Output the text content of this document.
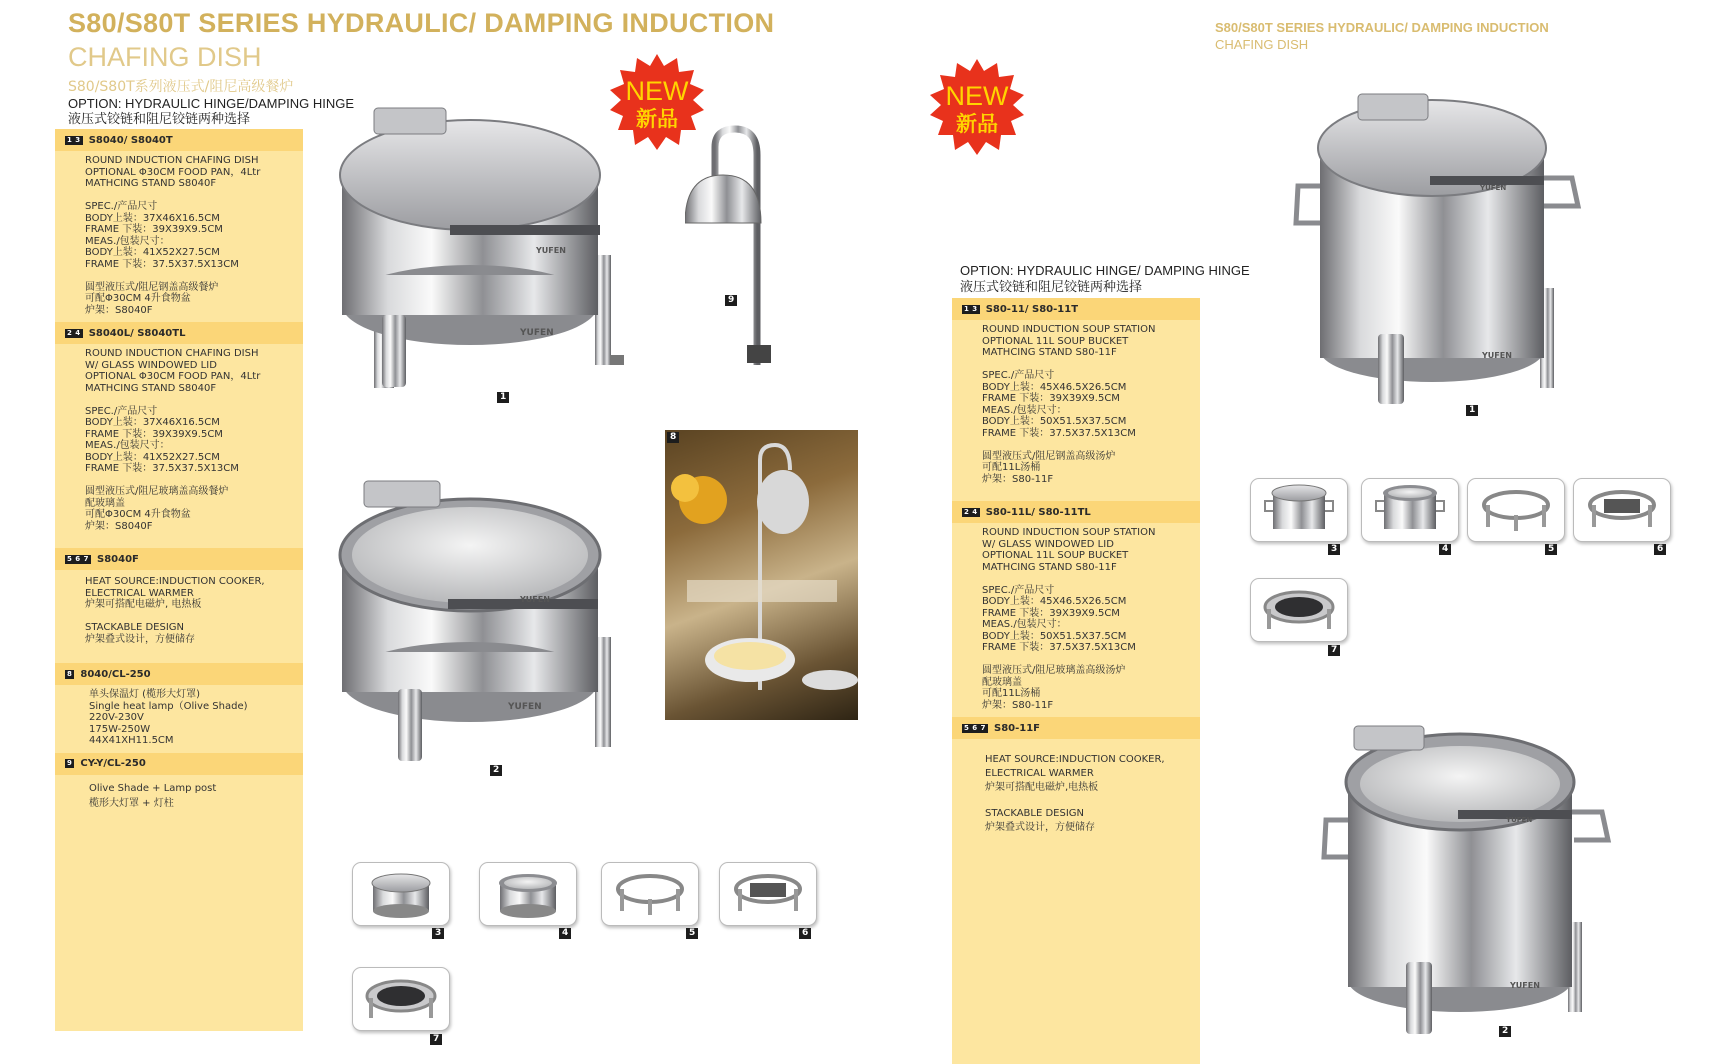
S80/S80T SERIES HYDRAULIC/ DAMPING INDUCTION
CHAFING DISH
S80/S80T系列液压式/阻尼高级餐炉
OPTION: HYDRAULIC HINGE/DAMPING HINGE
液压式铰链和阻尼铰链两种选择
1 3 S8040/ S8040T
ROUND INDUCTION CHAFING DISH
OPTIONAL Φ30CM FOOD PAN，4Ltr
MATHCING STAND S8040F
SPEC./产品尺寸
BODY上装：37X46X16.5CM
FRAME 下装：39X39X9.5CM
MEAS./包装尺寸：
BODY上装：41X52X27.5CM
FRAME 下装：37.5X37.5X13CM
圆型液压式/阻尼钢盖高级餐炉
可配Φ30CM 4升食物盆
炉架：S8040F
2 4 S8040L/ S8040TL
ROUND INDUCTION CHAFING DISH
W/ GLASS WINDOWED LID
OPTIONAL Φ30CM FOOD PAN，4Ltr
MATHCING STAND S8040F
SPEC./产品尺寸
BODY上装：37X46X16.5CM
FRAME 下装：39X39X9.5CM
MEAS./包装尺寸：
BODY上装：41X52X27.5CM
FRAME 下装：37.5X37.5X13CM
圆型液压式/阻尼玻璃盖高级餐炉
配玻璃盖
可配Φ30CM 4升食物盆
炉架：S8040F
5 6 7 S8040F
HEAT SOURCE:INDUCTION COOKER,
ELECTRICAL WARMER
炉架可搭配电磁炉, 电热板
STACKABLE DESIGN
炉架叠式设计，方便储存
8 8040/CL-250
单头保温灯 (榄形大灯罩)
Single heat lamp（Olive Shade)
220V-230V
175W-250W
44X41XH11.5CM
9 CY-Y/CL-250
Olive Shade + Lamp post
榄形大灯罩 + 灯柱
NEW
新品
YUFEN
YUFEN
1
9
8
YUFEN
YUFEN
2
3	4	5	6
7
S80/S80T SERIES HYDRAULIC/ DAMPING INDUCTION
CHAFING DISH
NEW
新品
OPTION: HYDRAULIC HINGE/ DAMPING HINGE
液压式铰链和阻尼铰链两种选择
1 3 S80-11/ S80-11T
ROUND INDUCTION SOUP STATION
OPTIONAL 11L SOUP BUCKET
MATHCING STAND S80-11F
SPEC./产品尺寸
BODY上装：45X46.5X26.5CM
FRAME 下装：39X39X9.5CM
MEAS./包装尺寸：
BODY上装：50X51.5X37.5CM
FRAME 下装：37.5X37.5X13CM
圆型液压式/阻尼钢盖高级汤炉
可配11L汤桶
炉架：S80-11F
2 4 S80-11L/ S80-11TL
ROUND INDUCTION SOUP STATION
W/ GLASS WINDOWED LID
OPTIONAL 11L SOUP BUCKET
MATHCING STAND S80-11F
SPEC./产品尺寸
BODY上装：45X46.5X26.5CM
FRAME 下装：39X39X9.5CM
MEAS./包装尺寸：
BODY上装：50X51.5X37.5CM
FRAME 下装：37.5X37.5X13CM
圆型液压式/阻尼玻璃盖高级汤炉
配玻璃盖
可配11L汤桶
炉架：S80-11F
5 6 7 S80-11F
HEAT SOURCE:INDUCTION COOKER,
ELECTRICAL WARMER
炉架可搭配电磁炉,电热板
STACKABLE DESIGN
炉架叠式设计，方便储存
YUFEN
YUFEN
1
3	4	5	6
7
YUFEN
YUFEN
2
